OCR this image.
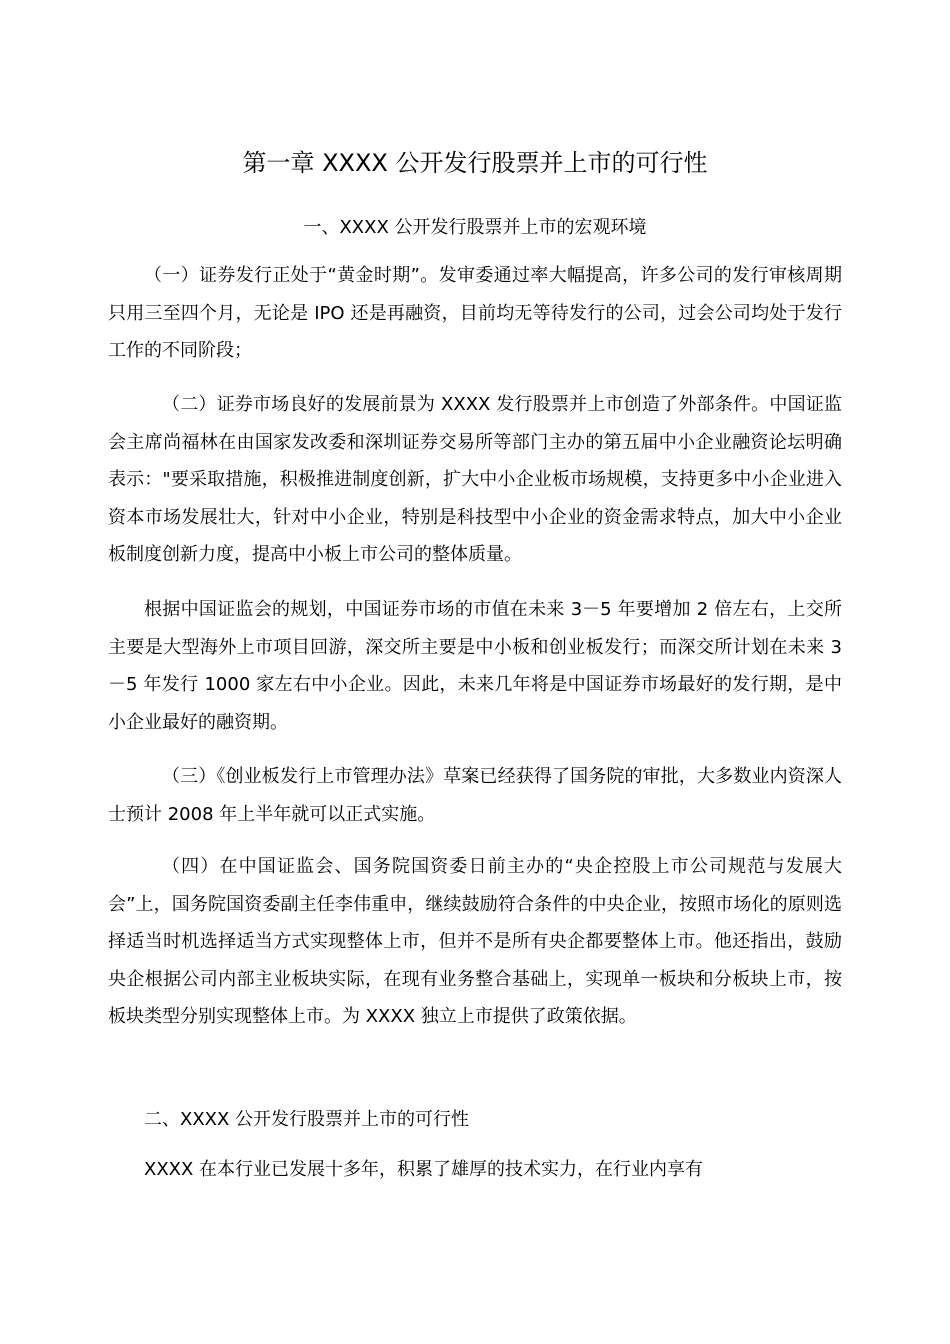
第一章 XXXX 公开发行股票并上市的可行性
一、XXXX 公开发行股票并上市的宏观环境

（一）证券发行正处于“黄金时期”。发审委通过率大幅提高，许多公司的发行审核周期只用三至四个月，无论是 IPO 还是再融资，目前均无等待发行的公司，过会公司均处于发行工作的不同阶段；

（二）证券市场良好的发展前景为 XXXX 发行股票并上市创造了外部条件。中国证监会主席尚福林在由国家发改委和深圳证券交易所等部门主办的第五届中小企业融资论坛明确表示："要采取措施，积极推进制度创新，扩大中小企业板市场规模，支持更多中小企业进入资本市场发展壮大，针对中小企业，特别是科技型中小企业的资金需求特点，加大中小企业板制度创新力度，提高中小板上市公司的整体质量。

根据中国证监会的规划，中国证券市场的市值在未来 3－5 年要增加 2 倍左右，上交所主要是大型海外上市项目回游，深交所主要是中小板和创业板发行；而深交所计划在未来 3－5 年发行 1000 家左右中小企业。因此，未来几年将是中国证券市场最好的发行期，是中小企业最好的融资期。

（三）《创业板发行上市管理办法》草案已经获得了国务院的审批，大多数业内资深人士预计 2008 年上半年就可以正式实施。

（四）在中国证监会、国务院国资委日前主办的“央企控股上市公司规范与发展大会”上，国务院国资委副主任李伟重申，继续鼓励符合条件的中央企业，按照市场化的原则选择适当时机选择适当方式实现整体上市，但并不是所有央企都要整体上市。他还指出，鼓励央企根据公司内部主业板块实际，在现有业务整合基础上，实现单一板块和分板块上市，按板块类型分别实现整体上市。为 XXXX 独立上市提供了政策依据。

二、XXXX 公开发行股票并上市的可行性

XXXX 在本行业已发展十多年，积累了雄厚的技术实力，在行业内享有
